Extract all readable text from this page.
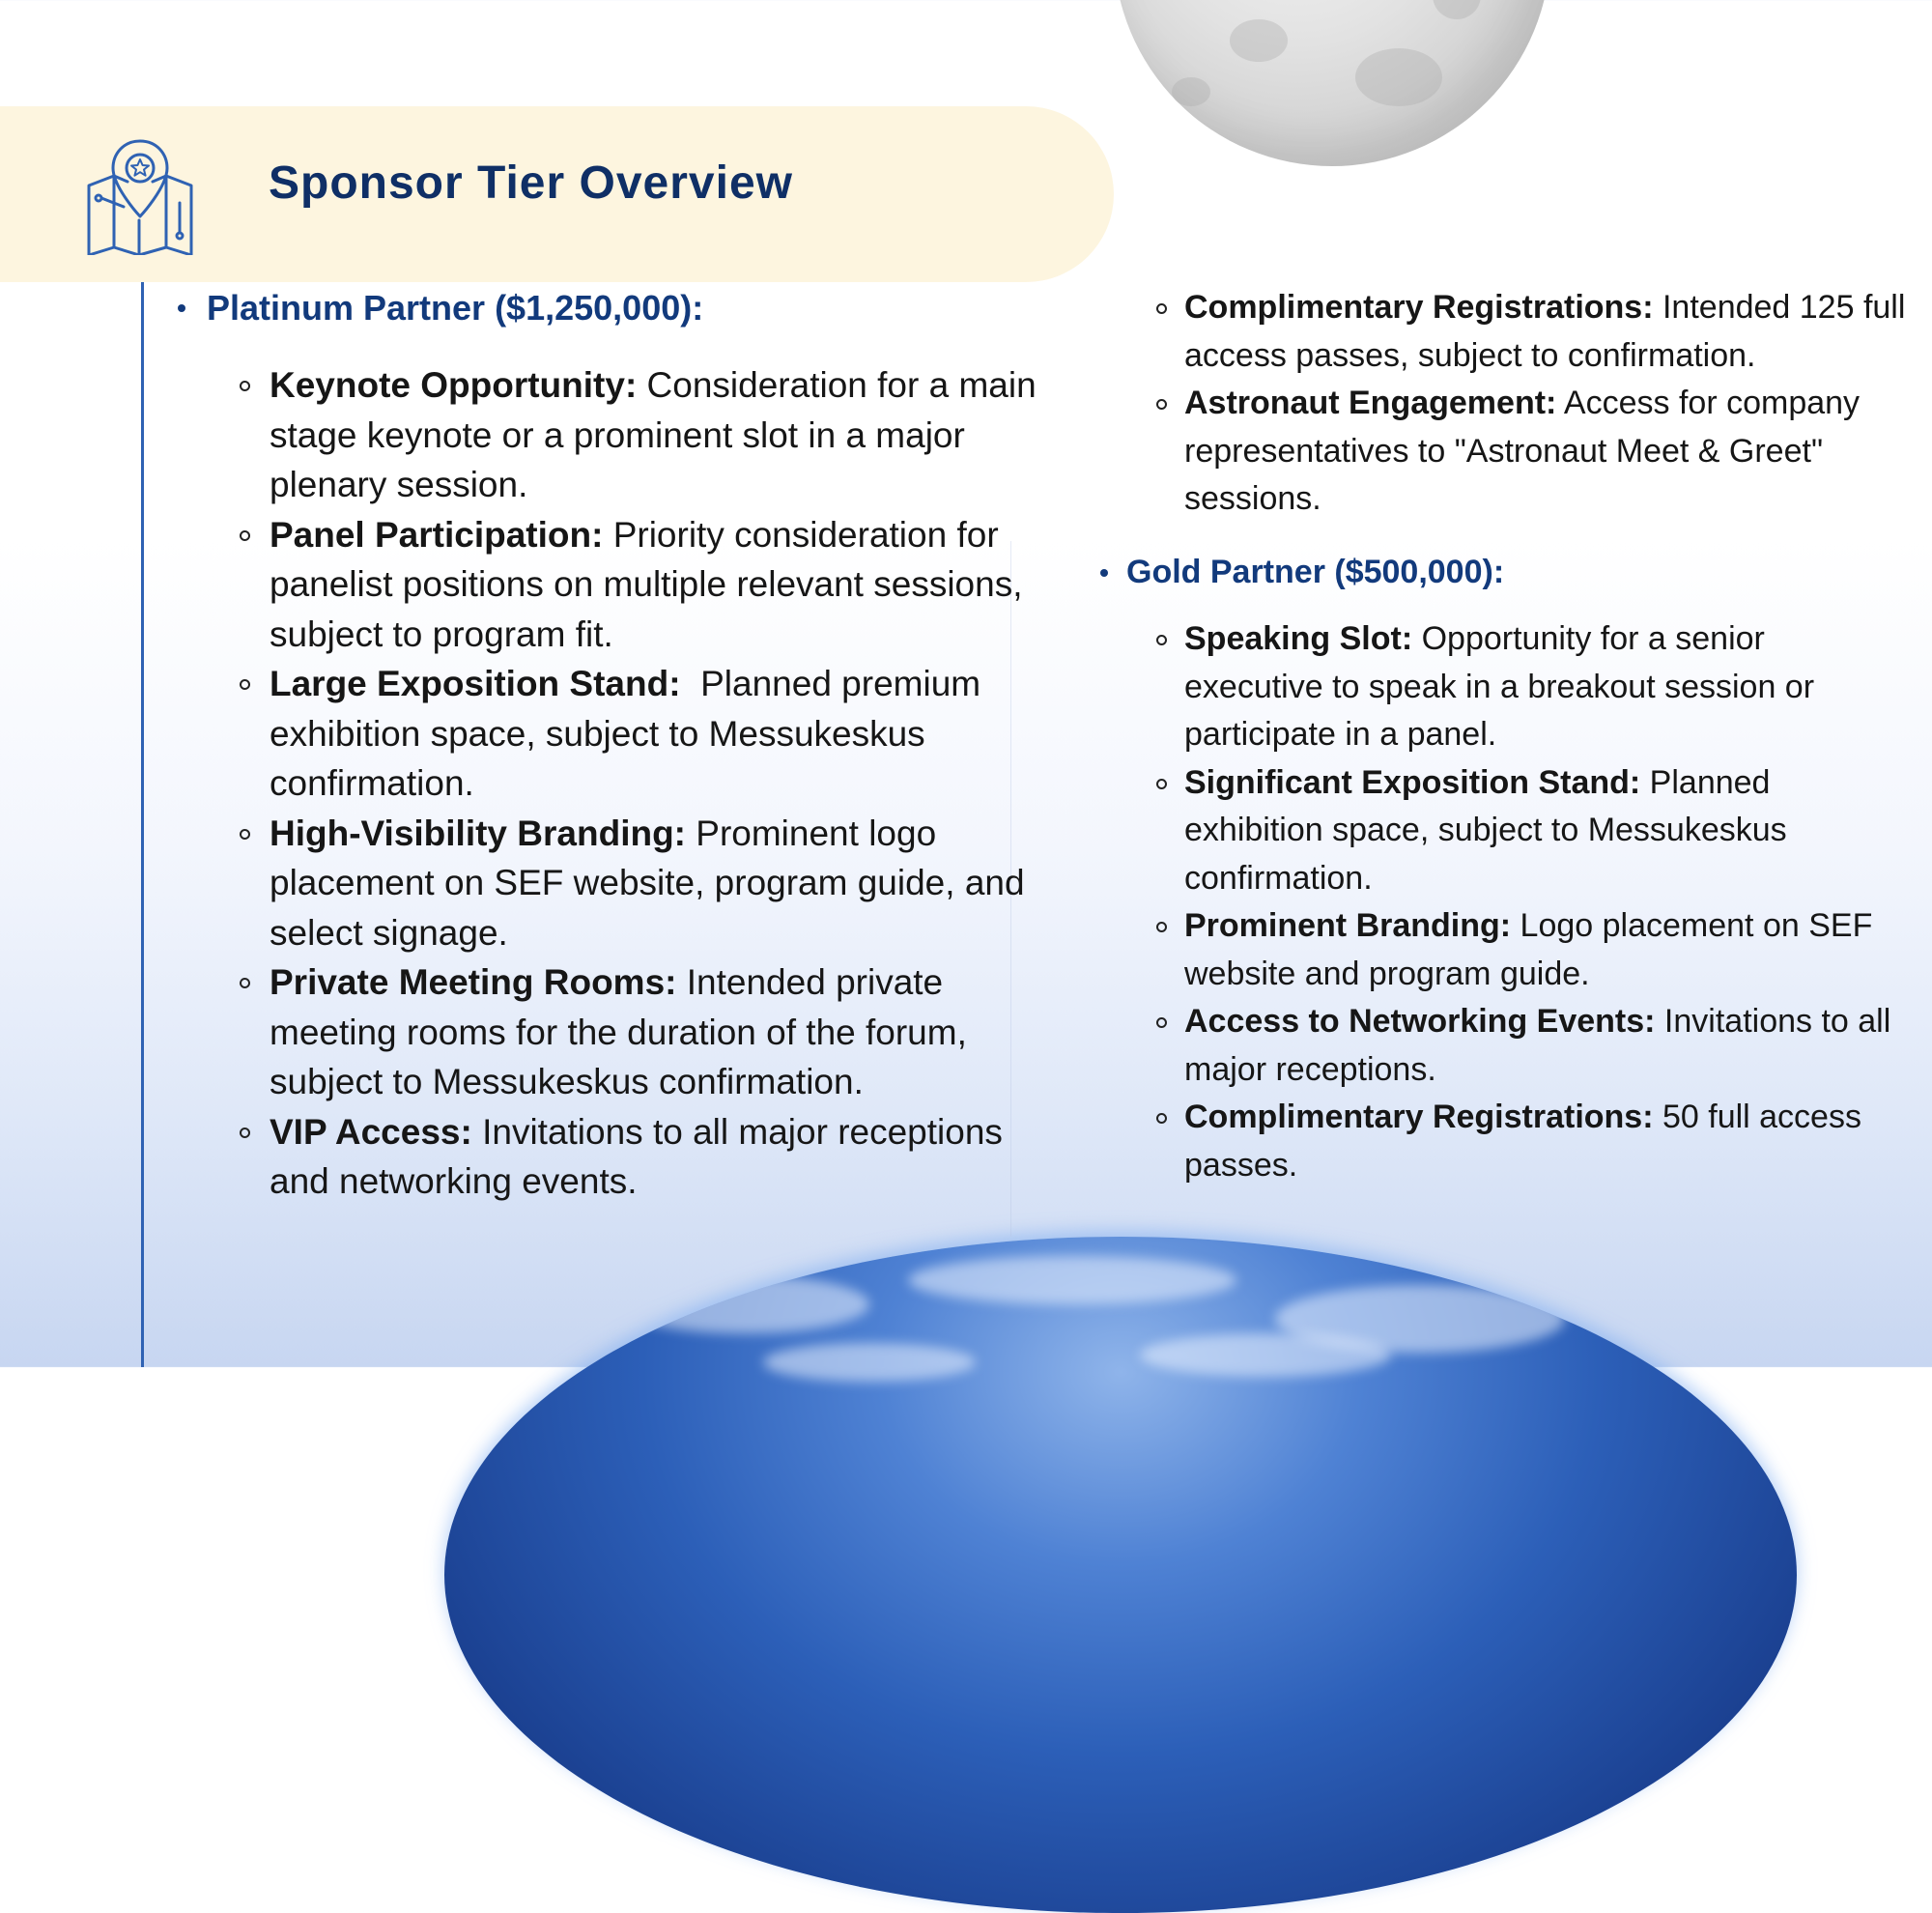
Sponsor Tier Overview
Platinum Partner ($1,250,000):
Keynote Opportunity: Consideration for a main stage keynote or a prominent slot in a major plenary session.
Panel Participation: Priority consideration for panelist positions on multiple relevant sessions, subject to program fit.
Large Exposition Stand:  Planned premium exhibition space, subject to Messukeskus confirmation.
High-Visibility Branding: Prominent logo placement on SEF website, program guide, and select signage.
Private Meeting Rooms: Intended private meeting rooms for the duration of the forum, subject to Messukeskus confirmation.
VIP Access: Invitations to all major receptions and networking events.
Complimentary Registrations: Intended 125 full access passes, subject to confirmation.
Astronaut Engagement: Access for company representatives to "Astronaut Meet & Greet" sessions.
Gold Partner ($500,000):
Speaking Slot: Opportunity for a senior executive to speak in a breakout session or participate in a panel.
Significant Exposition Stand: Planned exhibition space, subject to Messukeskus confirmation.
Prominent Branding: Logo placement on SEF website and program guide.
Access to Networking Events: Invitations to all major receptions.
Complimentary Registrations: 50 full access passes.
